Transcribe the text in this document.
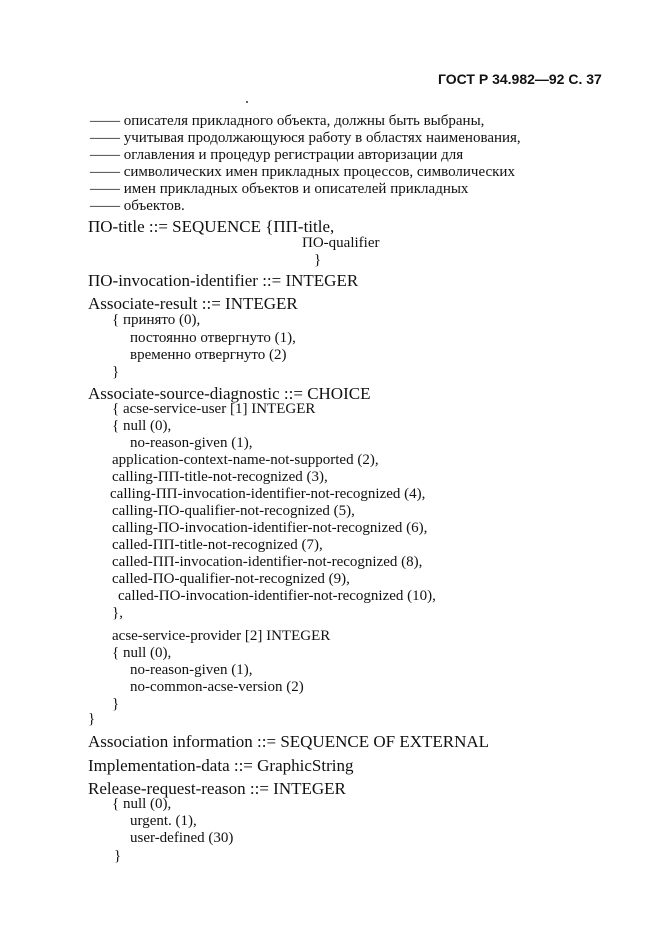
ГОСТ Р 34.982—92 С. 37
—— описателя прикладного объекта, должны быть выбраны,
—— учитывая продолжающуюся работу в областях наименования,
—— оглавления и процедур регистрации авторизации для
—— символических имен прикладных процессов, символических
—— имен прикладных объектов и описателей прикладных
—— объектов.
ПО-title ::= SEQUENCE {ПП-title,
ПО-qualifier
}
ПО-invocation-identifier ::= INTEGER
Associate-result ::= INTEGER
{ принято (0),
постоянно отвергнуто (1),
временно отвергнуто (2)
}
Associate-source-diagnostic ::= CHOICE
{ acse-service-user [1] INTEGER
{ null (0),
no-reason-given (1),
application-context-name-not-supported (2),
calling-ПП-title-not-recognized (3),
calling-ПП-invocation-identifier-not-recognized (4),
calling-ПО-qualifier-not-recognized (5),
calling-ПО-invocation-identifier-not-recognized (6),
called-ПП-title-not-recognized (7),
called-ПП-invocation-identifier-not-recognized (8),
called-ПО-qualifier-not-recognized (9),
called-ПО-invocation-identifier-not-recognized (10),
},
acse-service-provider [2] INTEGER
{ null (0),
no-reason-given (1),
no-common-acse-version (2)
}
}
Association information ::= SEQUENCE OF EXTERNAL
Implementation-data ::= GraphicString
Release-request-reason ::= INTEGER
{ null (0),
urgent. (1),
user-defined (30)
}
